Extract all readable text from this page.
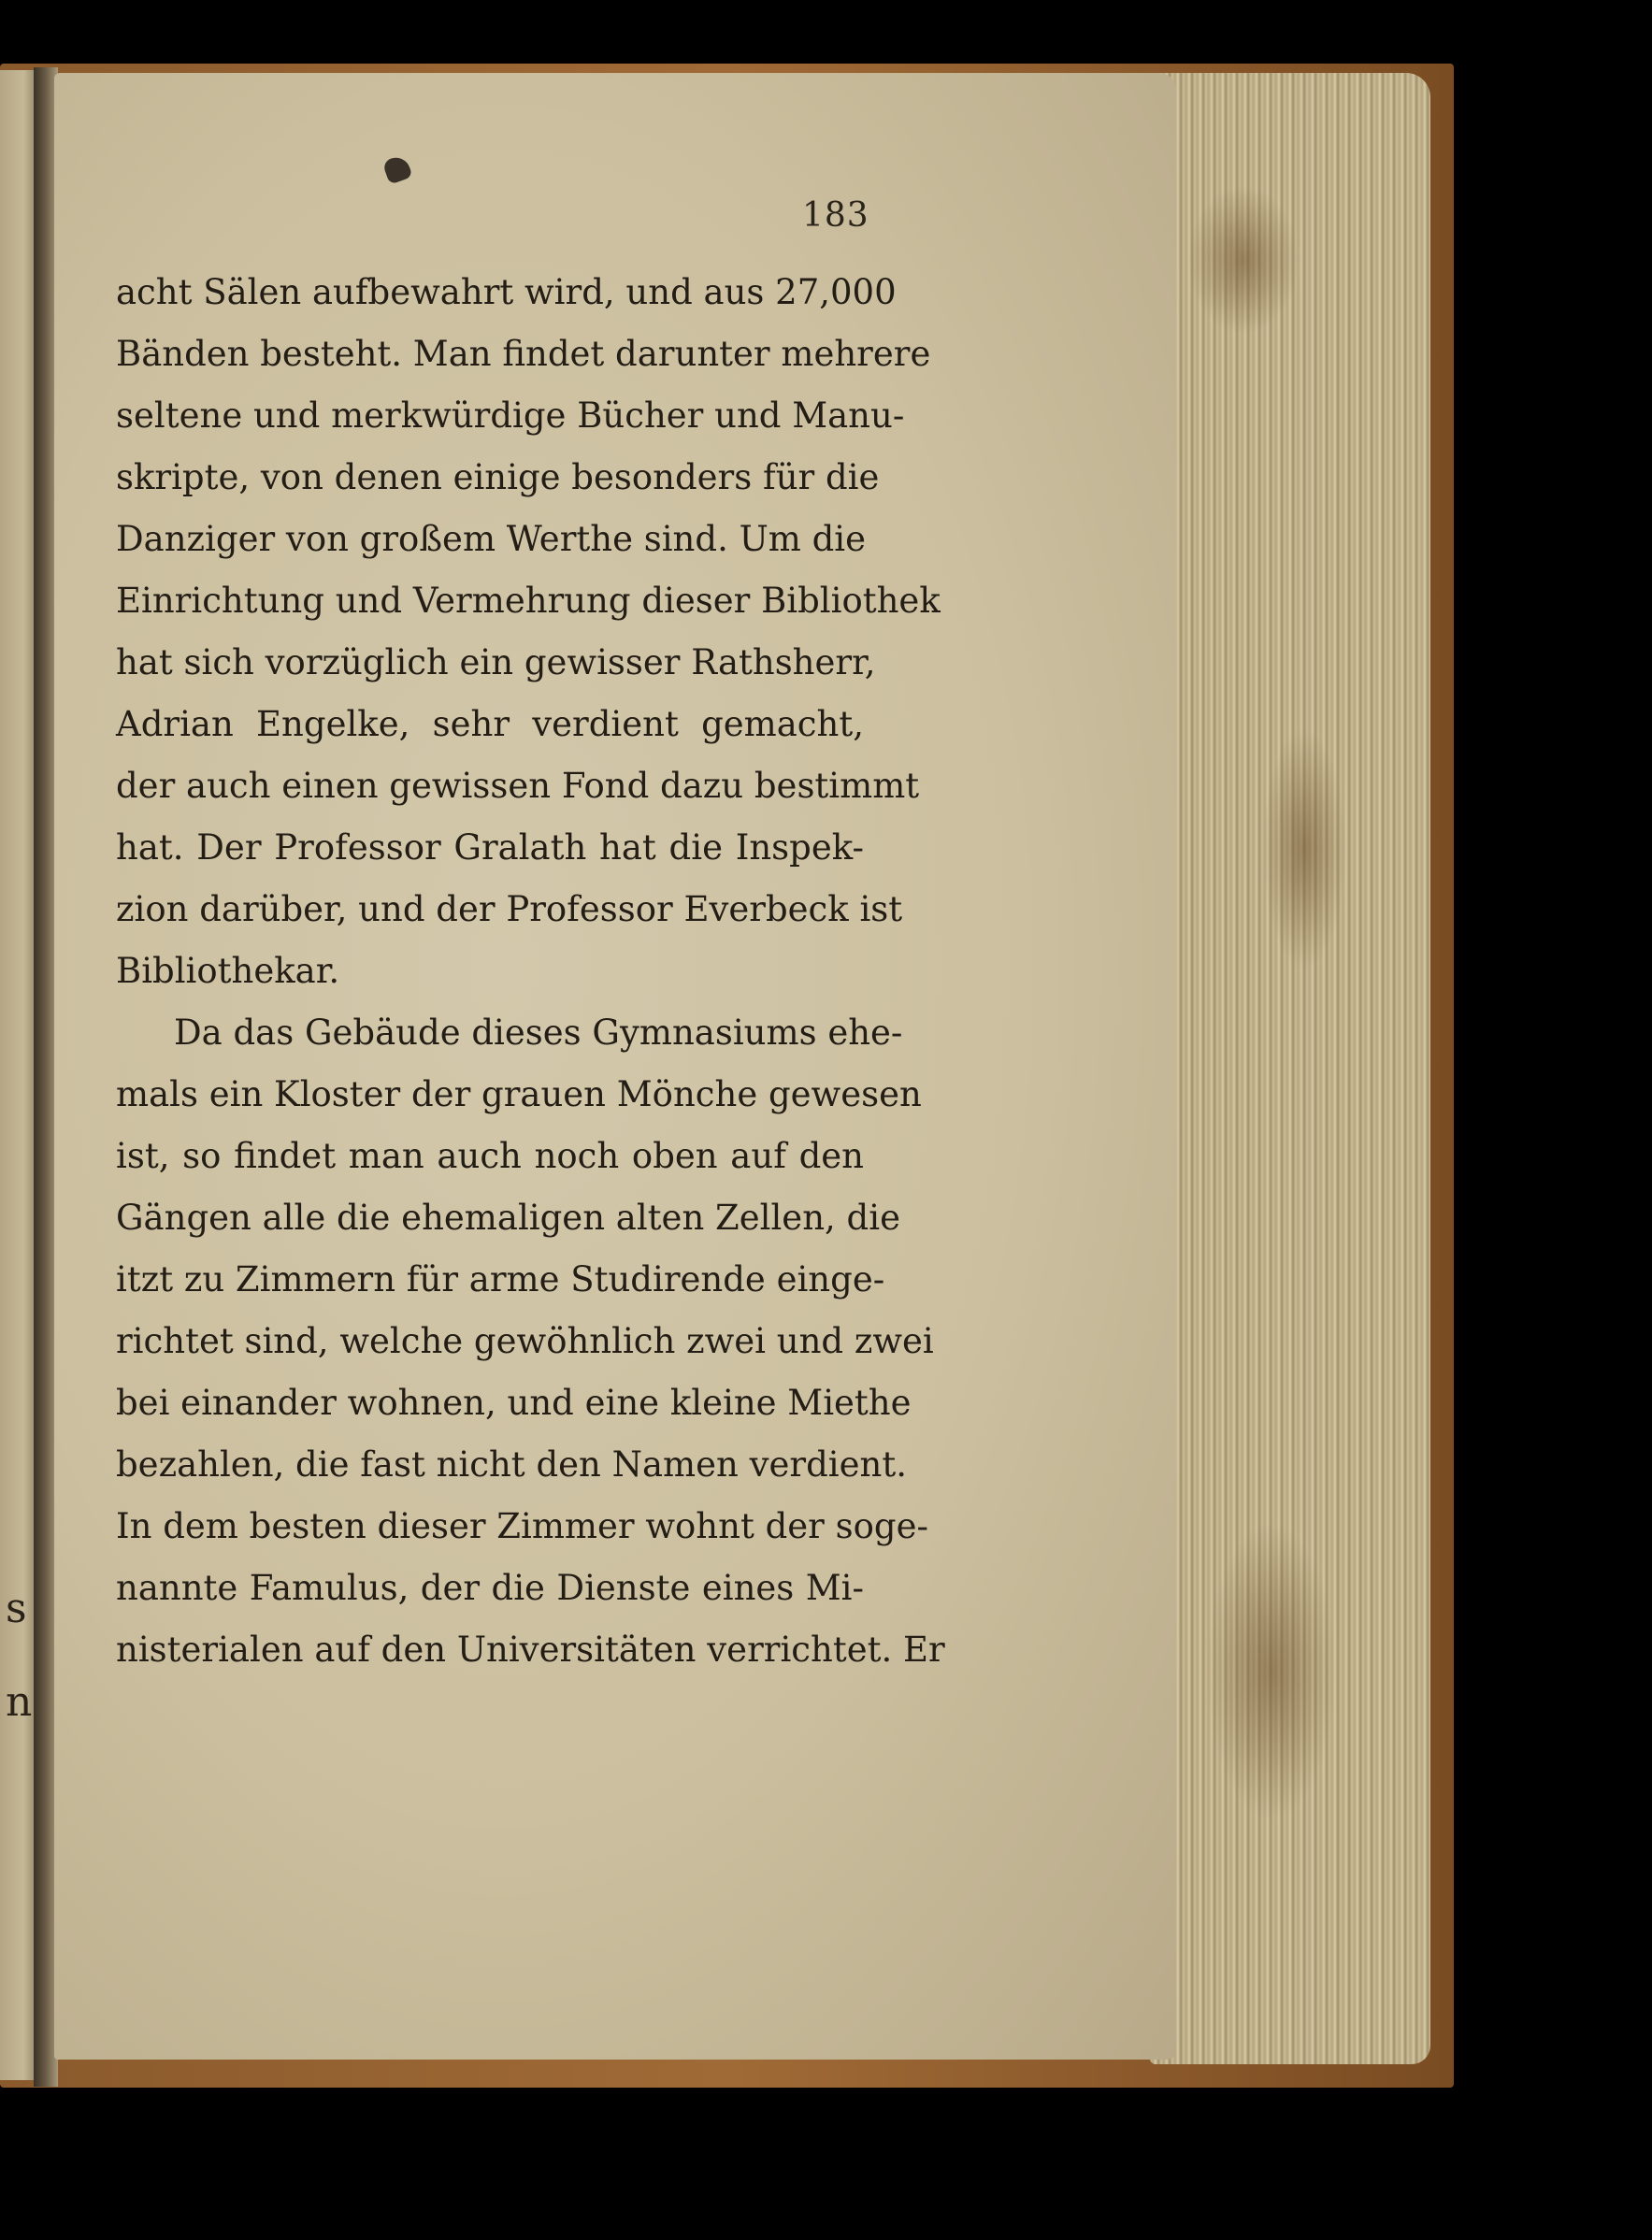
s
n
183
acht Sälen aufbewahrt wird, und aus 27,000
Bänden besteht. Man findet darunter mehrere
seltene und merkwürdige Bücher und Manu-
skripte, von denen einige besonders für die
Danziger von großem Werthe sind. Um die
Einrichtung und Vermehrung dieser Bibliothek
hat sich vorzüglich ein gewisser Rathsherr,
Adrian Engelke, sehr verdient gemacht,
der auch einen gewissen Fond dazu bestimmt
hat. Der Professor Gralath hat die Inspek-
zion darüber, und der Professor Everbeck ist
Bibliothekar.
Da das Gebäude dieses Gymnasiums ehe-
mals ein Kloster der grauen Mönche gewesen
ist, so findet man auch noch oben auf den
Gängen alle die ehemaligen alten Zellen, die
itzt zu Zimmern für arme Studirende einge-
richtet sind, welche gewöhnlich zwei und zwei
bei einander wohnen, und eine kleine Miethe
bezahlen, die fast nicht den Namen verdient.
In dem besten dieser Zimmer wohnt der soge-
nannte Famulus, der die Dienste eines Mi-
nisterialen auf den Universitäten verrichtet. Er
